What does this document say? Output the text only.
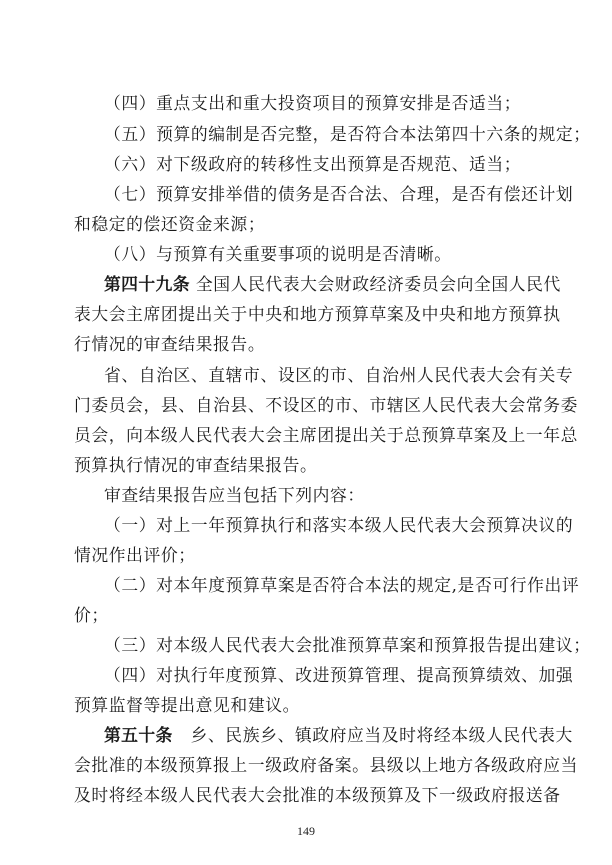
（四）重点支出和重大投资项目的预算安排是否适当；
（五）预算的编制是否完整，是否符合本法第四十六条的规定；
（六）对下级政府的转移性支出预算是否规范、适当；
（七）预算安排举借的债务是否合法、合理，是否有偿还计划
和稳定的偿还资金来源；
（八）与预算有关重要事项的说明是否清晰。
第四十九条 全国人民代表大会财政经济委员会向全国人民代
表大会主席团提出关于中央和地方预算草案及中央和地方预算执
行情况的审查结果报告。
省、自治区、直辖市、设区的市、自治州人民代表大会有关专
门委员会，县、自治县、不设区的市、市辖区人民代表大会常务委
员会，向本级人民代表大会主席团提出关于总预算草案及上一年总
预算执行情况的审查结果报告。
审查结果报告应当包括下列内容：
（一）对上一年预算执行和落实本级人民代表大会预算决议的
情况作出评价；
（二）对本年度预算草案是否符合本法的规定,是否可行作出评
价；
（三）对本级人民代表大会批准预算草案和预算报告提出建议；
（四）对执行年度预算、改进预算管理、提高预算绩效、加强
预算监督等提出意见和建议。
第五十条 乡、民族乡、镇政府应当及时将经本级人民代表大
会批准的本级预算报上一级政府备案。县级以上地方各级政府应当
及时将经本级人民代表大会批准的本级预算及下一级政府报送备
149
